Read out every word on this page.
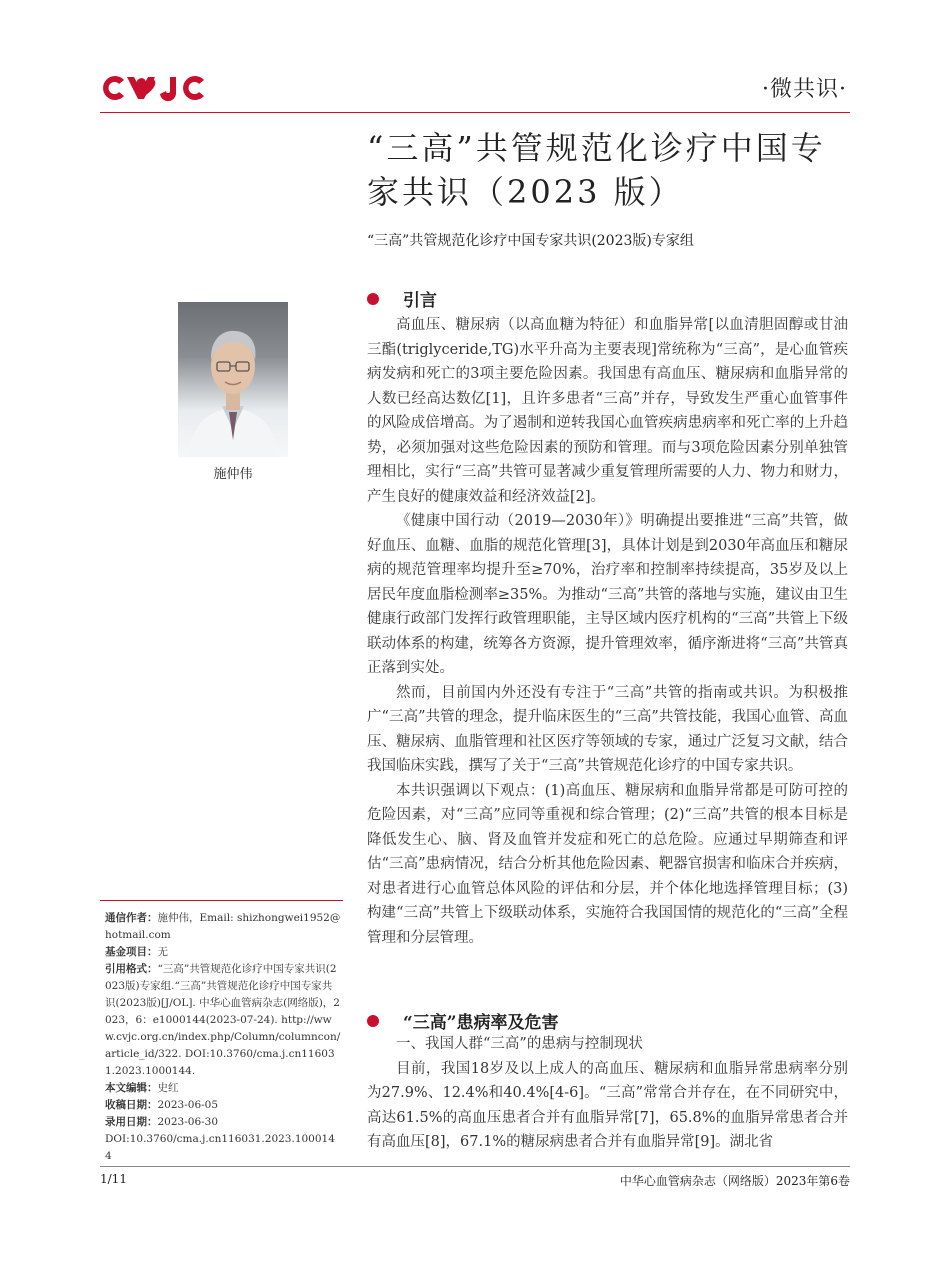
·微共识·
“三高”共管规范化诊疗中国专家共识（2023 版）
“三高”共管规范化诊疗中国专家共识(2023版)专家组
施仲伟
引言

高血压、糖尿病（以高血糖为特征）和血脂异常[以血清胆固醇或甘油三酯(triglyceride,TG)水平升高为主要表现]常统称为“三高”，是心血管疾病发病和死亡的3项主要危险因素。我国患有高血压、糖尿病和血脂异常的人数已经高达数亿[1]，且许多患者“三高”并存，导致发生严重心血管事件的风险成倍增高。为了遏制和逆转我国心血管疾病患病率和死亡率的上升趋势，必须加强对这些危险因素的预防和管理。而与3项危险因素分别单独管理相比，实行“三高”共管可显著减少重复管理所需要的人力、物力和财力，产生良好的健康效益和经济效益[2]。

《健康中国行动（2019—2030年）》明确提出要推进“三高”共管，做好血压、血糖、血脂的规范化管理[3]，具体计划是到2030年高血压和糖尿病的规范管理率均提升至≥70%，治疗率和控制率持续提高，35岁及以上居民年度血脂检测率≥35%。为推动“三高”共管的落地与实施，建议由卫生健康行政部门发挥行政管理职能，主导区域内医疗机构的“三高”共管上下级联动体系的构建，统筹各方资源，提升管理效率，循序渐进将“三高”共管真正落到实处。

然而，目前国内外还没有专注于“三高”共管的指南或共识。为积极推广“三高”共管的理念，提升临床医生的“三高”共管技能，我国心血管、高血压、糖尿病、血脂管理和社区医疗等领域的专家，通过广泛复习文献，结合我国临床实践，撰写了关于“三高”共管规范化诊疗的中国专家共识。

本共识强调以下观点：(1)高血压、糖尿病和血脂异常都是可防可控的危险因素，对“三高”应同等重视和综合管理；(2)“三高”共管的根本目标是降低发生心、脑、肾及血管并发症和死亡的总危险。应通过早期筛查和评估“三高”患病情况，结合分析其他危险因素、靶器官损害和临床合并疾病，对患者进行心血管总体风险的评估和分层，并个体化地选择管理目标；(3)构建“三高”共管上下级联动体系，实施符合我国国情的规范化的“三高”全程管理和分层管理。

“三高”患病率及危害

一、我国人群“三高”的患病与控制现状

目前，我国18岁及以上成人的高血压、糖尿病和血脂异常患病率分别为27.9%、12.4%和40.4%[4-6]。“三高”常常合并存在，在不同研究中，高达61.5%的高血压患者合并有血脂异常[7]，65.8%的血脂异常患者合并有高血压[8]，67.1%的糖尿病患者合并有血脂异常[9]。湖北省

通信作者：施仲伟，Email: shizhongwei1952@hotmail.com

基金项目：无

引用格式：“三高”共管规范化诊疗中国专家共识(2023版)专家组.“三高”共管规范化诊疗中国专家共识(2023版)[J/OL]. 中华心血管病杂志(网络版)，2023，6：e1000144(2023-07-24). http://www.cvjc.org.cn/index.php/Column/columncon/article_id/322. DOI:10.3760/cma.j.cn116031.2023.1000144.

本文编辑：史红

收稿日期：2023-06-05

录用日期：2023-06-30

DOI:10.3760/cma.j.cn116031.2023.1000144

1/11	中华心血管病杂志（网络版）2023年第6卷
